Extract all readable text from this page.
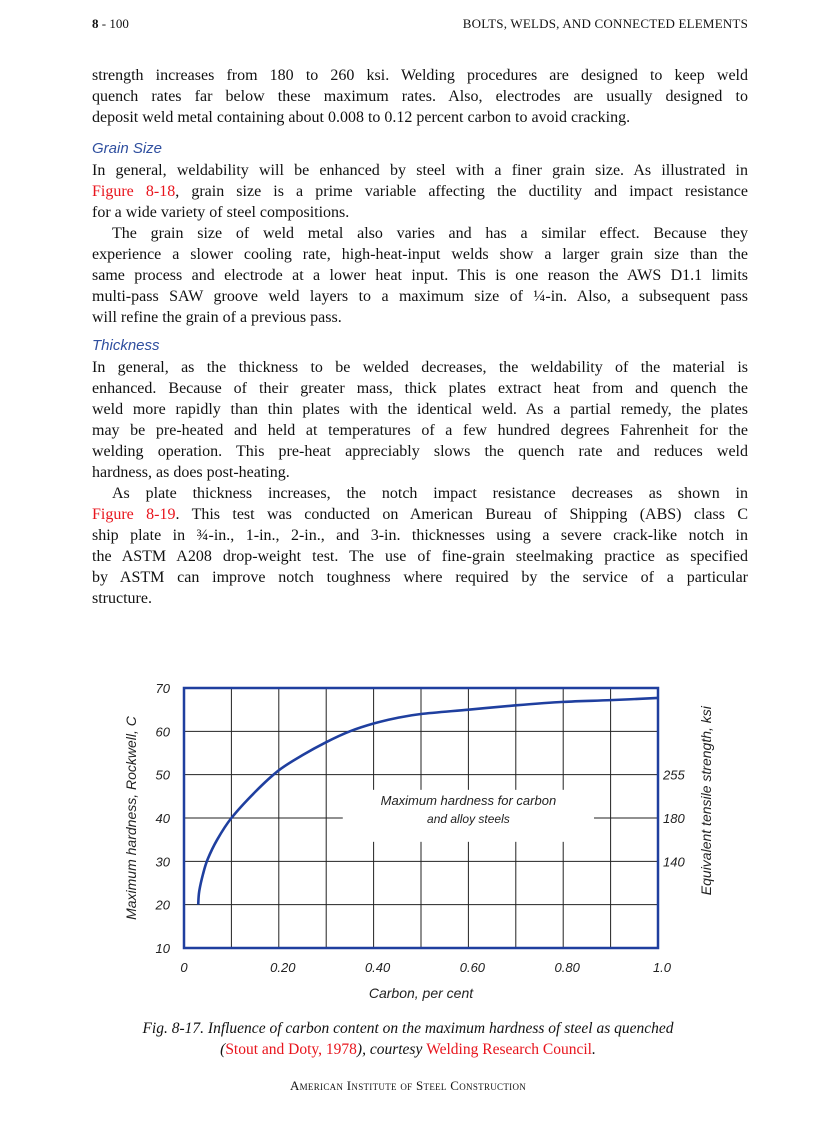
8 - 100	BOLTS, WELDS, AND CONNECTED ELEMENTS
strength increases from 180 to 260 ksi. Welding procedures are designed to keep weld
quench rates far below these maximum rates. Also, electrodes are usually designed to
deposit weld metal containing about 0.008 to 0.12 percent carbon to avoid cracking.
Grain Size
In general, weldability will be enhanced by steel with a finer grain size. As illustrated in
Figure 8-18, grain size is a prime variable affecting the ductility and impact resistance
for a wide variety of steel compositions.
The grain size of weld metal also varies and has a similar effect. Because they
experience a slower cooling rate, high-heat-input welds show a larger grain size than the
same process and electrode at a lower heat input. This is one reason the AWS D1.1 limits
multi-pass SAW groove weld layers to a maximum size of ¼-in. Also, a subsequent pass
will refine the grain of a previous pass.
Thickness
In general, as the thickness to be welded decreases, the weldability of the material is
enhanced. Because of their greater mass, thick plates extract heat from and quench the
weld more rapidly than thin plates with the identical weld. As a partial remedy, the plates
may be pre-heated and held at temperatures of a few hundred degrees Fahrenheit for the
welding operation. This pre-heat appreciably slows the quench rate and reduces weld
hardness, as does post-heating.
As plate thickness increases, the notch impact resistance decreases as shown in
Figure 8-19. This test was conducted on American Bureau of Shipping (ABS) class C
ship plate in ¾-in., 1-in., 2-in., and 3-in. thicknesses using a severe crack-like notch in
the ASTM A208 drop-weight test. The use of fine-grain steelmaking practice as specified
by ASTM can improve notch toughness where required by the service of a particular
structure.
Maximum hardness for carbon
and alloy steels
10
20
30
40
50
60
70
255
180
140
0	0.20	0.40	0.60	0.80	1.0
Carbon, per cent
Maximum hardness, Rockwell, C	Equivalent tensile strength, ksi
Fig. 8-17. Influence of carbon content on the maximum hardness of steel as quenched
(Stout and Doty, 1978), courtesy Welding Research Council.
American Institute of Steel Construction
